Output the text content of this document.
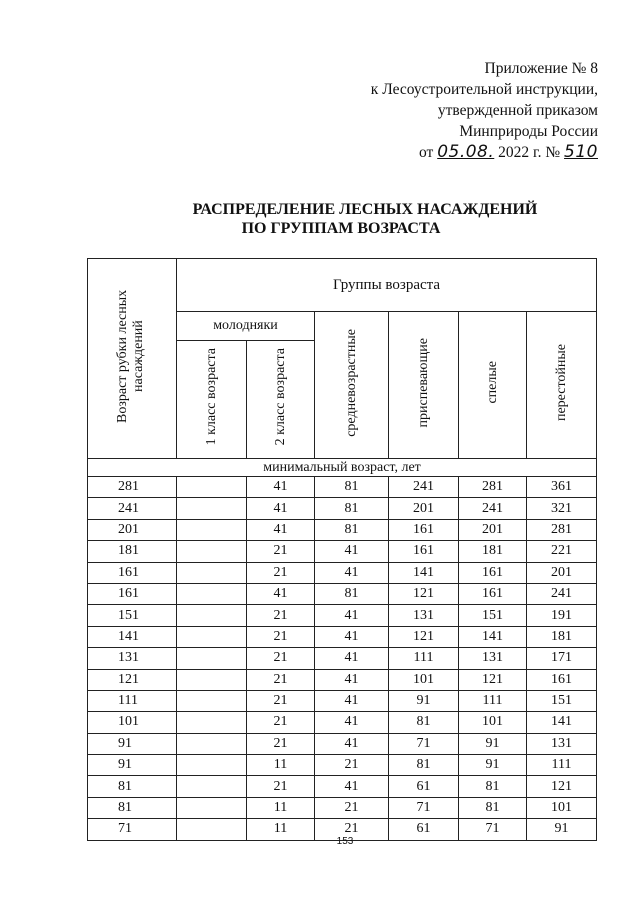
Приложение № 8
к Лесоустроительной инструкции,
утвержденной приказом
Минприроды России
от 05.08. 2022 г. № 510
РАСПРЕДЕЛЕНИЕ ЛЕСНЫХ НАСАЖДЕНИЙ
ПО ГРУППАМ ВОЗРАСТА
Возраст рубки лесных насаждений	Группы возраста					
	молодняки		средневозрастные	приспевающие	спелые	перестойные
	1 класс возраста	2 класс возраста				
минимальный возраст, лет						
281		41	81	241	281	361
241		41	81	201	241	321
201		41	81	161	201	281
181		21	41	161	181	221
161		21	41	141	161	201
161		41	81	121	161	241
151		21	41	131	151	191
141		21	41	121	141	181
131		21	41	111	131	171
121		21	41	101	121	161
111		21	41	91	111	151
101		21	41	81	101	141
91		21	41	71	91	131
91		11	21	81	91	111
81		21	41	61	81	121
81		11	21	71	81	101
71		11	21	61	71	91
153
